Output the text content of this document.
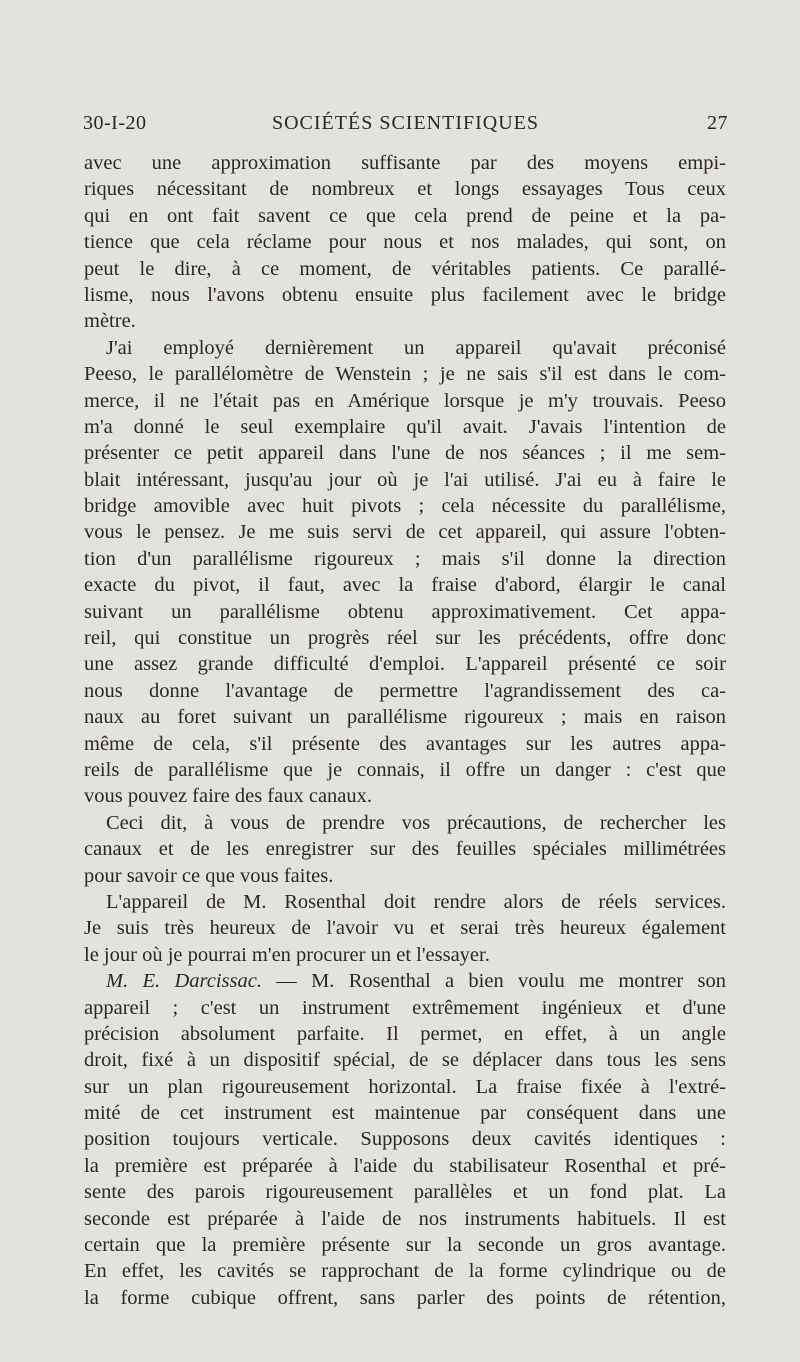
30-I-20	SOCIÉTÉS SCIENTIFIQUES	27
avec une approximation suffisante par des moyens empi-
riques nécessitant de nombreux et longs essayages Tous ceux
qui en ont fait savent ce que cela prend de peine et la pa-
tience que cela réclame pour nous et nos malades, qui sont, on
peut le dire, à ce moment, de véritables patients. Ce parallé-
lisme, nous l'avons obtenu ensuite plus facilement avec le bridge
mètre.
J'ai employé dernièrement un appareil qu'avait préconisé
Peeso, le parallélomètre de Wenstein ; je ne sais s'il est dans le com-
merce, il ne l'était pas en Amérique lorsque je m'y trouvais. Peeso
m'a donné le seul exemplaire qu'il avait. J'avais l'intention de
présenter ce petit appareil dans l'une de nos séances ; il me sem-
blait intéressant, jusqu'au jour où je l'ai utilisé. J'ai eu à faire le
bridge amovible avec huit pivots ; cela nécessite du parallélisme,
vous le pensez. Je me suis servi de cet appareil, qui assure l'obten-
tion d'un parallélisme rigoureux ; mais s'il donne la direction
exacte du pivot, il faut, avec la fraise d'abord, élargir le canal
suivant un parallélisme obtenu approximativement. Cet appa-
reil, qui constitue un progrès réel sur les précédents, offre donc
une assez grande difficulté d'emploi. L'appareil présenté ce soir
nous donne l'avantage de permettre l'agrandissement des ca-
naux au foret suivant un parallélisme rigoureux ; mais en raison
même de cela, s'il présente des avantages sur les autres appa-
reils de parallélisme que je connais, il offre un danger : c'est que
vous pouvez faire des faux canaux.
Ceci dit, à vous de prendre vos précautions, de rechercher les
canaux et de les enregistrer sur des feuilles spéciales millimétrées
pour savoir ce que vous faites.
L'appareil de M. Rosenthal doit rendre alors de réels services.
Je suis très heureux de l'avoir vu et serai très heureux également
le jour où je pourrai m'en procurer un et l'essayer.
M. E. Darcissac. — M. Rosenthal a bien voulu me montrer son
appareil ; c'est un instrument extrêmement ingénieux et d'une
précision absolument parfaite. Il permet, en effet, à un angle
droit, fixé à un dispositif spécial, de se déplacer dans tous les sens
sur un plan rigoureusement horizontal. La fraise fixée à l'extré-
mité de cet instrument est maintenue par conséquent dans une
position toujours verticale. Supposons deux cavités identiques :
la première est préparée à l'aide du stabilisateur Rosenthal et pré-
sente des parois rigoureusement parallèles et un fond plat. La
seconde est préparée à l'aide de nos instruments habituels. Il est
certain que la première présente sur la seconde un gros avantage.
En effet, les cavités se rapprochant de la forme cylindrique ou de
la forme cubique offrent, sans parler des points de rétention,
